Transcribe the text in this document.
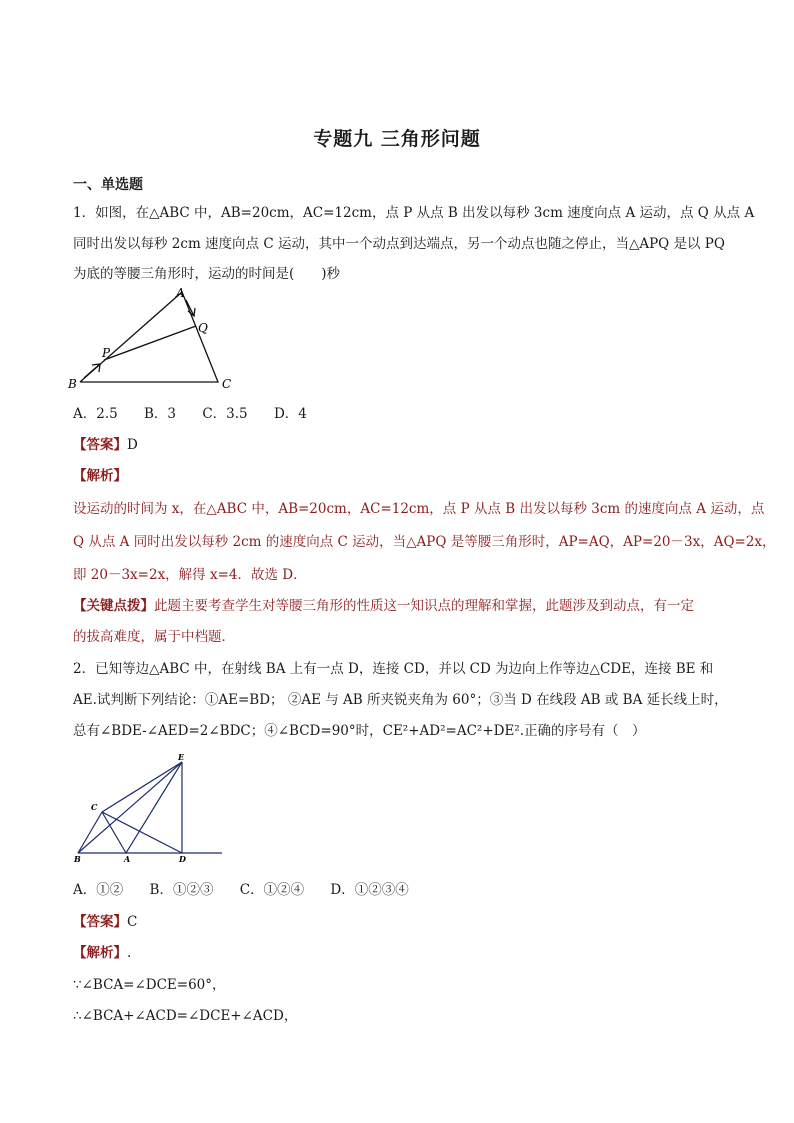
专题九 三角形问题
一、单选题
1．如图，在△ABC 中，AB=20cm，AC=12cm，点 P 从点 B 出发以每秒 3cm 速度向点 A 运动，点 Q 从点 A
同时出发以每秒 2cm 速度向点 C 运动，其中一个动点到达端点，另一个动点也随之停止，当△APQ 是以 PQ
为底的等腰三角形时，运动的时间是(　　)秒
A
B	C
P
Q
A．2.5 B．3 C．3.5 D．4
【答案】D
【解析】
设运动的时间为 x，在△ABC 中，AB=20cm，AC=12cm，点 P 从点 B 出发以每秒 3cm 的速度向点 A 运动，点
Q 从点 A 同时出发以每秒 2cm 的速度向点 C 运动，当△APQ 是等腰三角形时，AP=AQ，AP=20－3x，AQ=2x，
即 20－3x=2x，解得 x=4．故选 D．
【关键点拨】此题主要考查学生对等腰三角形的性质这一知识点的理解和掌握，此题涉及到动点，有一定
的拔高难度，属于中档题．
2．已知等边△ABC 中，在射线 BA 上有一点 D，连接 CD，并以 CD 为边向上作等边△CDE，连接 BE 和
AE.试判断下列结论：①AE=BD； ②AE 与 AB 所夹锐夹角为 60°；③当 D 在线段 AB 或 BA 延长线上时，
总有∠BDE-∠AED=2∠BDC；④∠BCD=90°时，CE²+AD²=AC²+DE².正确的序号有（　）
E
C
B	A	D
A．①② B．①②③ C．①②④ D．①②③④
【答案】C
【解析】.
∵∠BCA=∠DCE=60°，
∴∠BCA+∠ACD=∠DCE+∠ACD，
